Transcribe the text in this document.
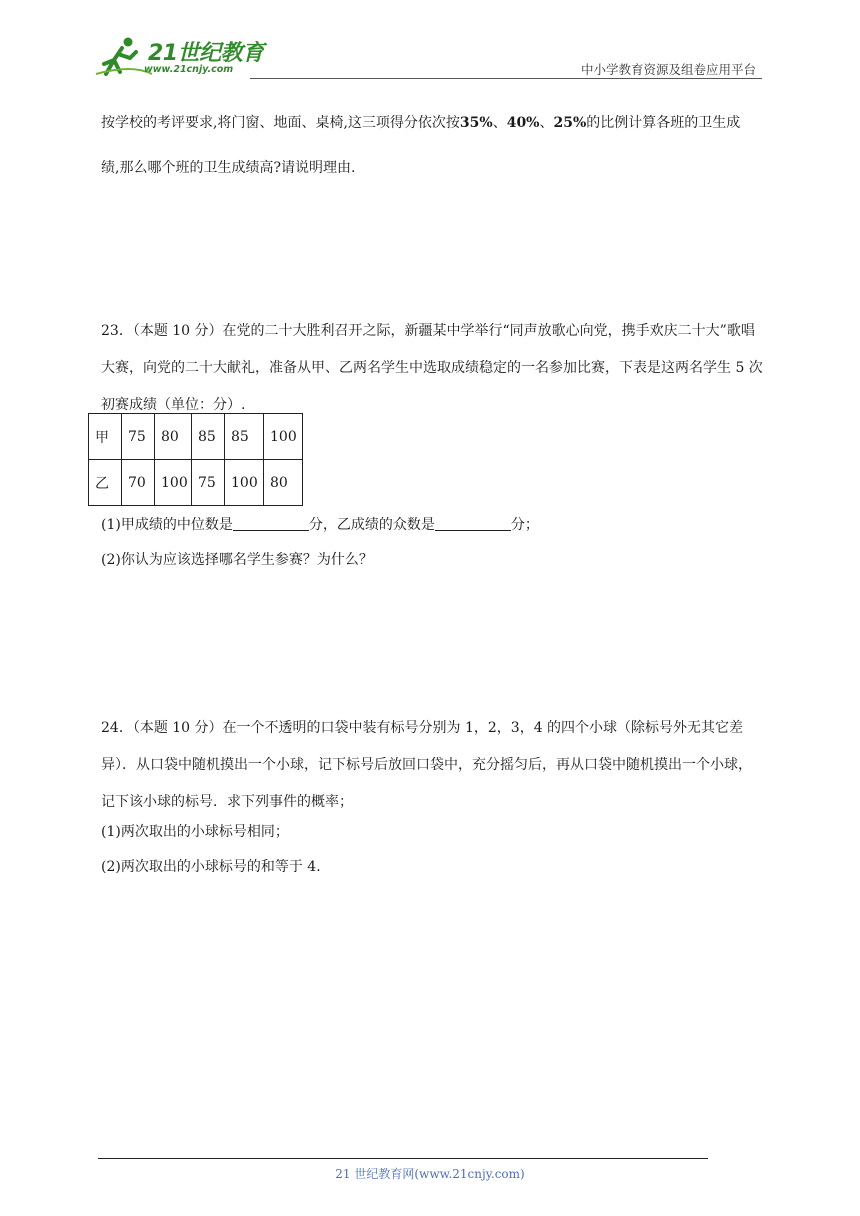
21世纪教育
www.21cnjy.com	中小学教育资源及组卷应用平台
按学校的考评要求,将门窗、地面、桌椅,这三项得分依次按35%、40%、25%的比例计算各班的卫生成
绩,那么哪个班的卫生成绩高?请说明理由.

23．（本题 10 分）在党的二十大胜利召开之际，新疆某中学举行“同声放歌心向党，携手欢庆二十大”歌唱大赛，向党的二十大献礼，准备从甲、乙两名学生中选取成绩稳定的一名参加比赛，下表是这两名学生 5 次初赛成绩（单位：分）.

甲	75	80	85	85	100
乙	70	100	75	100	80
(1)甲成绩的中位数是	分，乙成绩的众数是	分；
(2)你认为应该选择哪名学生参赛？为什么？

24．（本题 10 分）在一个不透明的口袋中装有标号分别为 1，2，3，4 的四个小球（除标号外无其它差异）．从口袋中随机摸出一个小球，记下标号后放回口袋中，充分摇匀后，再从口袋中随机摸出一个小球，记下该小球的标号．求下列事件的概率；

(1)两次取出的小球标号相同；
(2)两次取出的小球标号的和等于 4.
21 世纪教育网(www.21cnjy.com)
